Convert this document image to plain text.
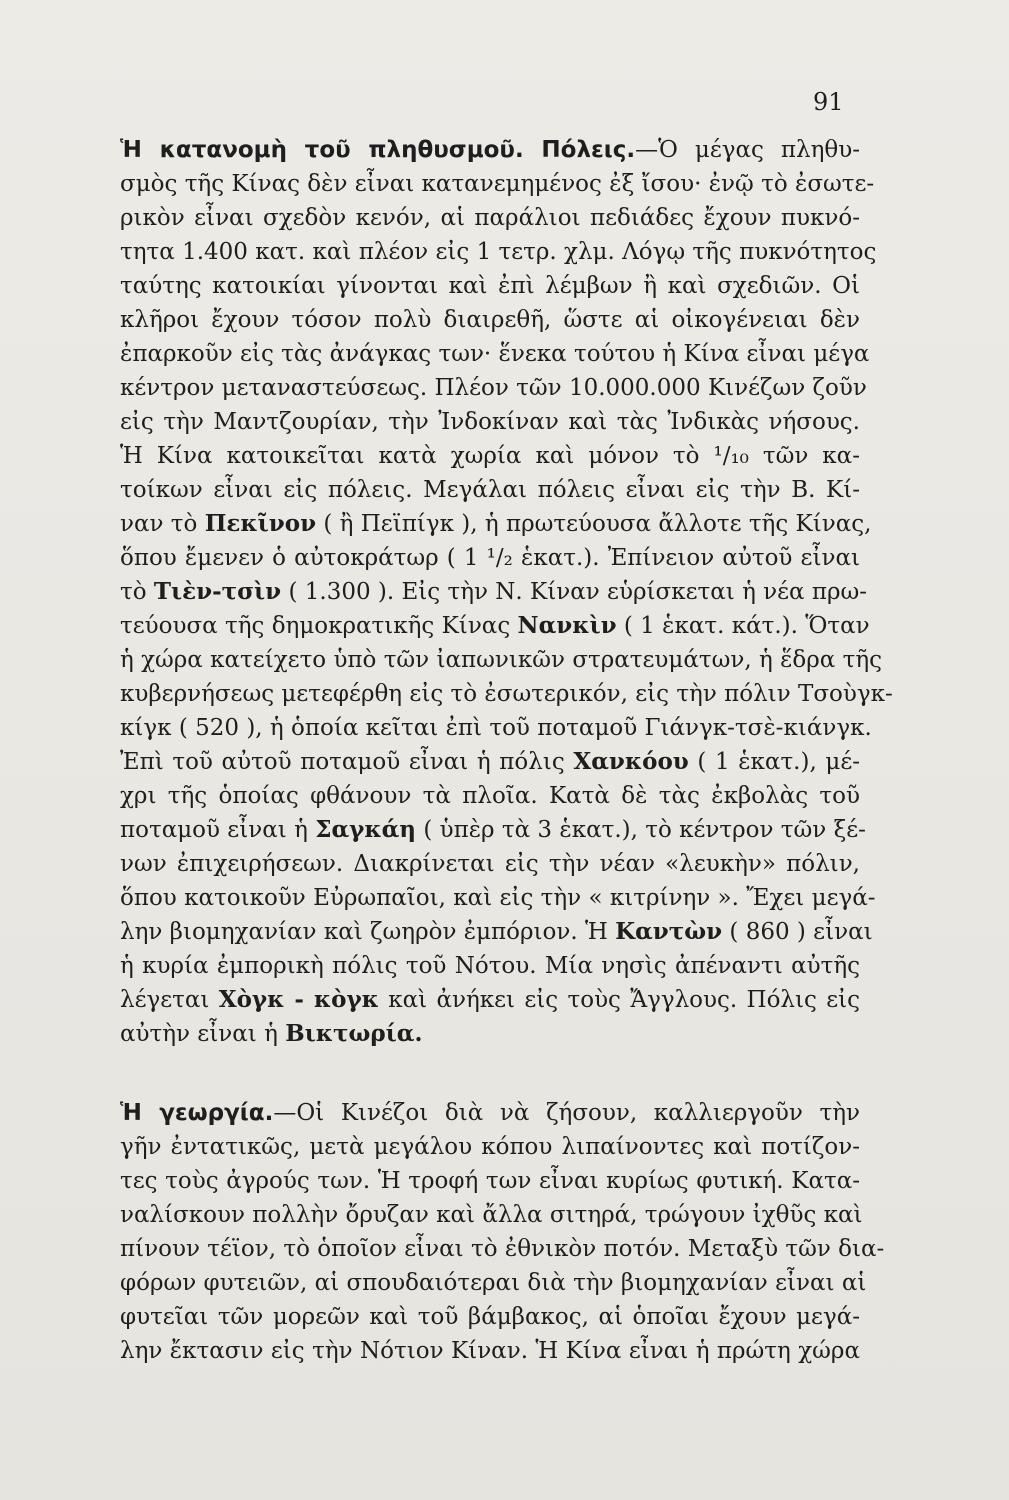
91
Ἡ κατανομὴ τοῦ πληθυσμοῦ. Πόλεις.—Ὁ μέγας πληθυ-
σμὸς τῆς Κίνας δὲν εἶναι κατανεμημένος ἐξ ἴσου· ἐνῷ τὸ ἐσωτε-
ρικὸν εἶναι σχεδὸν κενόν, αἱ παράλιοι πεδιάδες ἔχουν πυκνό-
τητα 1.400 κατ. καὶ πλέον εἰς 1 τετρ. χλμ. Λόγῳ τῆς πυκνότητος
ταύτης κατοικίαι γίνονται καὶ ἐπὶ λέμβων ἢ καὶ σχεδιῶν. Οἱ
κλῆροι ἔχουν τόσον πολὺ διαιρεθῆ, ὥστε αἱ οἰκογένειαι δὲν
ἐπαρκοῦν εἰς τὰς ἀνάγκας των· ἕνεκα τούτου ἡ Κίνα εἶναι μέγα
κέντρον μεταναστεύσεως. Πλέον τῶν 10.000.000 Κινέζων ζοῦν
εἰς τὴν Μαντζουρίαν, τὴν Ἰνδοκίναν καὶ τὰς Ἰνδικὰς νήσους.
Ἡ Κίνα κατοικεῖται κατὰ χωρία καὶ μόνον τὸ ¹/₁₀ τῶν κα-
τοίκων εἶναι εἰς πόλεις. Μεγάλαι πόλεις εἶναι εἰς τὴν Β. Κί-
ναν τὸ Πεκῖνον ( ἢ Πεϊπίγκ ), ἡ πρωτεύουσα ἄλλοτε τῆς Κίνας,
ὅπου ἔμενεν ὁ αὐτοκράτωρ ( 1 ¹/₂ ἑκατ.). Ἐπίνειον αὐτοῦ εἶναι
τὸ Τιὲν-τσὶν ( 1.300 ). Εἰς τὴν Ν. Κίναν εὑρίσκεται ἡ νέα πρω-
τεύουσα τῆς δημοκρατικῆς Κίνας Νανκὶν ( 1 ἑκατ. κάτ.). Ὅταν
ἡ χώρα κατείχετο ὑπὸ τῶν ἰαπωνικῶν στρατευμάτων, ἡ ἕδρα τῆς
κυβερνήσεως μετεφέρθη εἰς τὸ ἐσωτερικόν, εἰς τὴν πόλιν Τσοὺγκ-
κίγκ ( 520 ), ἡ ὁποία κεῖται ἐπὶ τοῦ ποταμοῦ Γιάνγκ-τσὲ-κιάνγκ.
Ἐπὶ τοῦ αὐτοῦ ποταμοῦ εἶναι ἡ πόλις Χανκόου ( 1 ἑκατ.), μέ-
χρι τῆς ὁποίας φθάνουν τὰ πλοῖα. Κατὰ δὲ τὰς ἐκβολὰς τοῦ
ποταμοῦ εἶναι ἡ Σαγκάη ( ὑπὲρ τὰ 3 ἑκατ.), τὸ κέντρον τῶν ξέ-
νων ἐπιχειρήσεων. Διακρίνεται εἰς τὴν νέαν «λευκὴν» πόλιν,
ὅπου κατοικοῦν Εὐρωπαῖοι, καὶ εἰς τὴν « κιτρίνην ». Ἔχει μεγά-
λην βιομηχανίαν καὶ ζωηρὸν ἐμπόριον. Ἡ Καντὼν ( 860 ) εἶναι
ἡ κυρία ἐμπορικὴ πόλις τοῦ Νότου. Μία νησὶς ἀπέναντι αὐτῆς
λέγεται Χὸγκ - κὸγκ καὶ ἀνήκει εἰς τοὺς Ἄγγλους. Πόλις εἰς
αὐτὴν εἶναι ἡ Βικτωρία.
Ἡ γεωργία.—Οἱ Κινέζοι διὰ νὰ ζήσουν, καλλιεργοῦν τὴν
γῆν ἐντατικῶς, μετὰ μεγάλου κόπου λιπαίνοντες καὶ ποτίζον-
τες τοὺς ἀγρούς των. Ἡ τροφή των εἶναι κυρίως φυτική. Κατα-
ναλίσκουν πολλὴν ὄρυζαν καὶ ἄλλα σιτηρά, τρώγουν ἰχθῦς καὶ
πίνουν τέϊον, τὸ ὁποῖον εἶναι τὸ ἐθνικὸν ποτόν. Μεταξὺ τῶν δια-
φόρων φυτειῶν, αἱ σπουδαιότεραι διὰ τὴν βιομηχανίαν εἶναι αἱ
φυτεῖαι τῶν μορεῶν καὶ τοῦ βάμβακος, αἱ ὁποῖαι ἔχουν μεγά-
λην ἔκτασιν εἰς τὴν Νότιον Κίναν. Ἡ Κίνα εἶναι ἡ πρώτη χώρα
